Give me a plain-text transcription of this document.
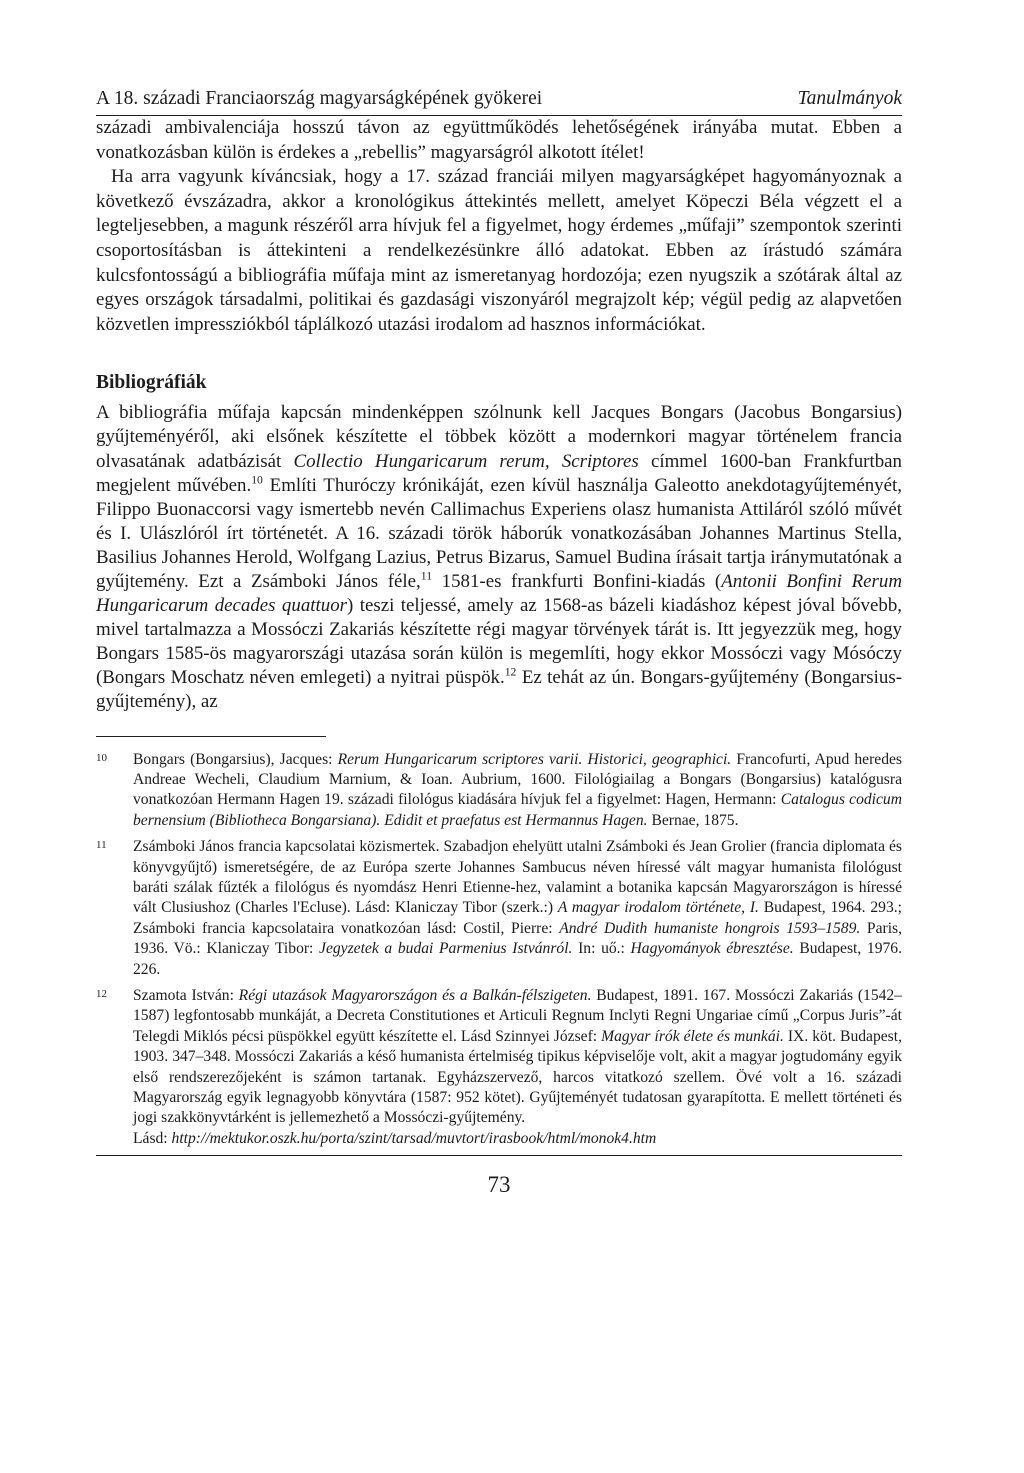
A 18. századi Franciaország magyarságképének gyökerei	Tanulmányok

századi ambivalenciája hosszú távon az együttműködés lehetőségének irányába mutat. Ebben a vonatkozásban külön is érdekes a „rebellis” magyarságról alkotott ítélet!

Ha arra vagyunk kíváncsiak, hogy a 17. század franciái milyen magyarságképet hagyományoznak a következő évszázadra, akkor a kronológikus áttekintés mellett, amelyet Köpeczi Béla végzett el a legteljesebben, a magunk részéről arra hívjuk fel a figyelmet, hogy érdemes „műfaji” szempontok szerinti csoportosításban is áttekinteni a rendelkezésünkre álló adatokat. Ebben az írástudó számára kulcsfontosságú a bibliográfia műfaja mint az ismeretanyag hordozója; ezen nyugszik a szótárak által az egyes országok társadalmi, politikai és gazdasági viszonyáról megrajzolt kép; végül pedig az alapvetően közvetlen impressziókból táplálkozó utazási irodalom ad hasznos információkat.

Bibliográfiák

A bibliográfia műfaja kapcsán mindenképpen szólnunk kell Jacques Bongars (Jacobus Bongarsius) gyűjteményéről, aki elsőnek készítette el többek között a modernkori magyar történelem francia olvasatának adatbázisát Collectio Hungaricarum rerum, Scriptores címmel 1600-ban Frankfurtban megjelent művében.$^{10}$ Említi Thuróczy krónikáját, ezen kívül használja Galeotto anekdotagyűjteményét, Filippo Buonaccorsi vagy ismertebb nevén Callimachus Experiens olasz humanista Attiláról szóló művét és I. Ulászlóról írt történetét. A 16. századi török háborúk vonatkozásában Johannes Martinus Stella, Basilius Johannes Herold, Wolfgang Lazius, Petrus Bizarus, Samuel Budina írásait tartja iránymutatónak a gyűjtemény. Ezt a Zsámboki János féle,$^{11}$ 1581-es frankfurti Bonfini-kiadás (Antonii Bonfini Rerum Hungaricarum decades quattuor) teszi teljessé, amely az 1568-as bázeli kiadáshoz képest jóval bővebb, mivel tartalmazza a Mossóczi Zakariás készítette régi magyar törvények tárát is. Itt jegyezzük meg, hogy Bongars 1585-ös magyarországi utazása során külön is megemlíti, hogy ekkor Mossóczi vagy Mósóczy (Bongars Moschatz néven emlegeti) a nyitrai püspök.$^{12}$ Ez tehát az ún. Bongars-gyűjtemény (Bongarsius-gyűjtemény), az

10	Bongars (Bongarsius), Jacques: Rerum Hungaricarum scriptores varii. Historici, geographici. Francofurti, Apud heredes Andreae Wecheli, Claudium Marnium, & Ioan. Aubrium, 1600. Filológiailag a Bongars (Bongarsius) katalógusra vonatkozóan Hermann Hagen 19. századi filológus kiadására hívjuk fel a figyelmet: Hagen, Hermann: Catalogus codicum bernensium (Bibliotheca Bongarsiana). Edidit et praefatus est Hermannus Hagen. Bernae, 1875.
11	Zsámboki János francia kapcsolatai közismertek. Szabadjon ehelyütt utalni Zsámboki és Jean Grolier (francia diplomata és könyvgyűjtő) ismeretségére, de az Európa szerte Johannes Sambucus néven híressé vált magyar humanista filológust baráti szálak fűzték a filológus és nyomdász Henri Etienne-hez, valamint a botanika kapcsán Magyarországon is híressé vált Clusiushoz (Charles l'Ecluse). Lásd: Klaniczay Tibor (szerk.:) A magyar irodalom története, I. Budapest, 1964. 293.; Zsámboki francia kapcsolataira vonatkozóan lásd: Costil, Pierre: André Dudith humaniste hongrois 1593–1589. Paris, 1936. Vö.: Klaniczay Tibor: Jegyzetek a budai Parmenius Istvánról. In: uő.: Hagyományok ébresztése. Budapest, 1976. 226.
12	Szamota István: Régi utazások Magyarországon és a Balkán-félszigeten. Budapest, 1891. 167. Mossóczi Zakariás (1542–1587) legfontosabb munkáját, a Decreta Constitutiones et Articuli Regnum Inclyti Regni Ungariae című „Corpus Juris”-át Telegdi Miklós pécsi püspökkel együtt készítette el. Lásd Szinnyei József: Magyar írók élete és munkái. IX. köt. Budapest, 1903. 347–348. Mossóczi Zakariás a késő humanista értelmiség tipikus képviselője volt, akit a magyar jogtudomány egyik első rendszerezőjeként is számon tartanak. Egyházszervező, harcos vitatkozó szellem. Övé volt a 16. századi Magyarország egyik legnagyobb könyvtára (1587: 952 kötet). Gyűjteményét tudatosan gyarapította. E mellett történeti és jogi szakkönyvtárként is jellemezhető a Mossóczi-gyűjtemény.
Lásd: http://mektukor.oszk.hu/porta/szint/tarsad/muvtort/irasbook/html/monok4.htm
73
